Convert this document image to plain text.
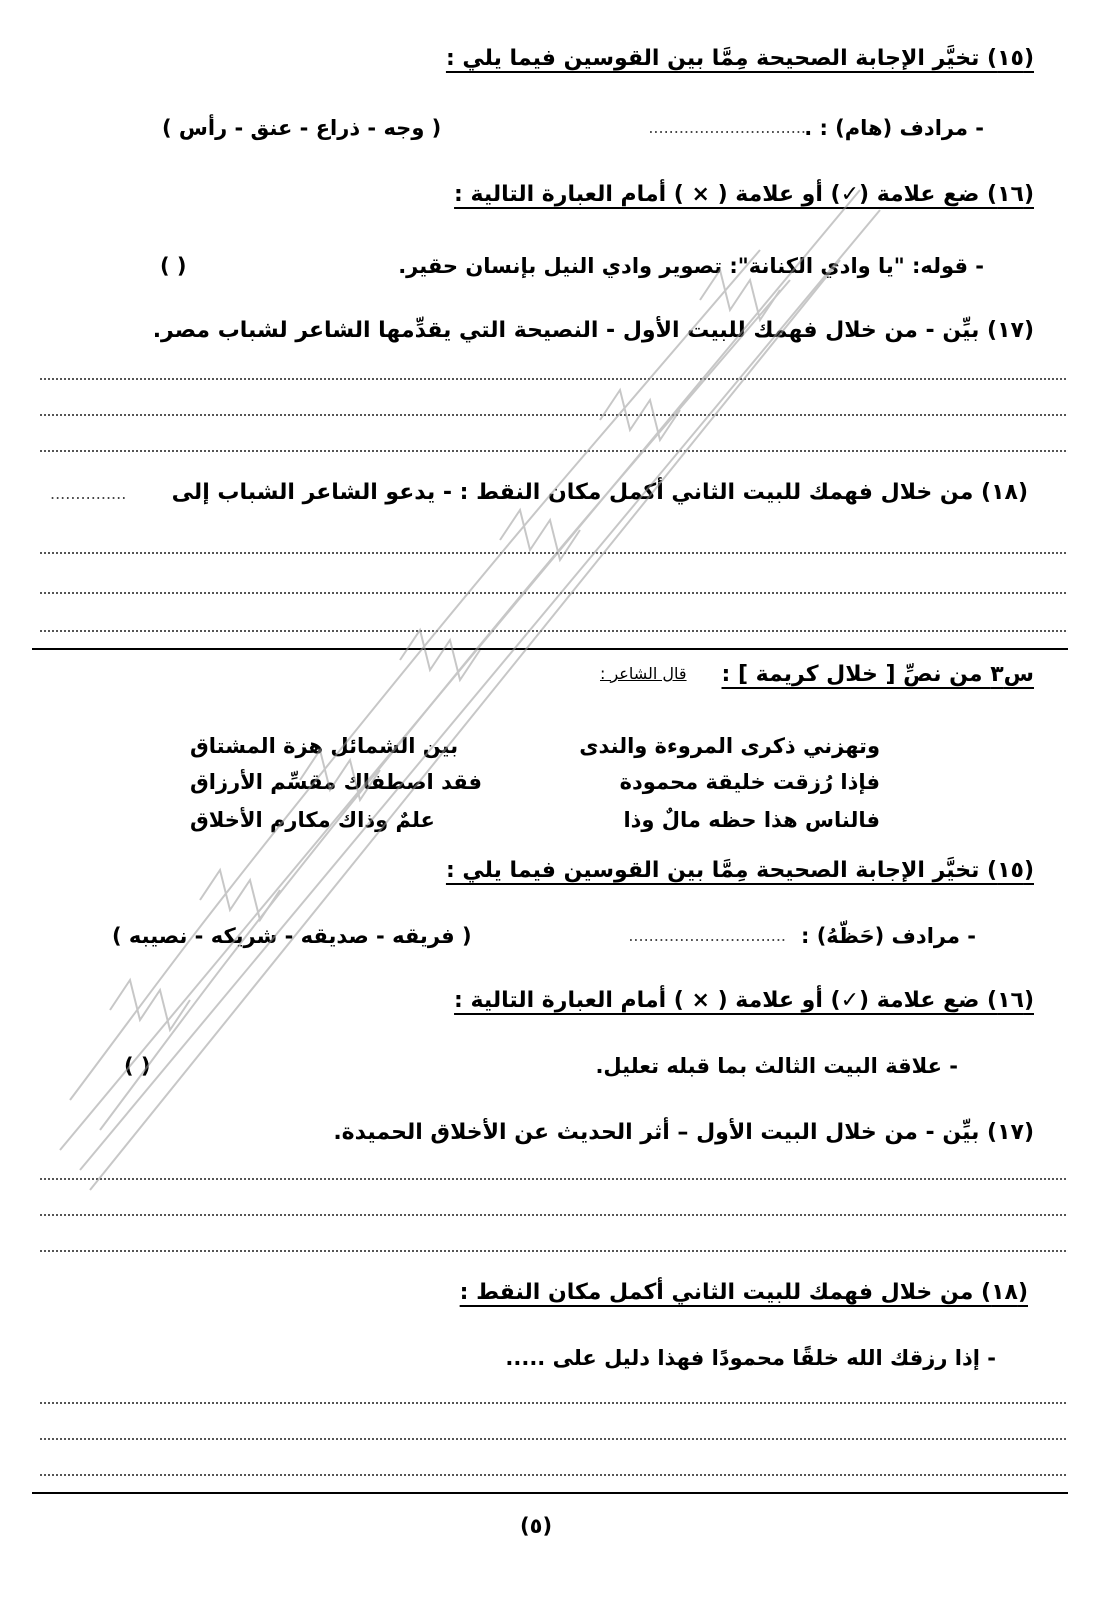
(١٥) تخيَّر الإجابة الصحيحة مِمَّا بين القوسين فيما يلي :
- مرادف (هام) : .
...............................
( وجه - ذراع - عنق - رأس )
(١٦) ضع علامة (✓) أو علامة ( × ) أمام العبارة التالية :
- قوله: "يا وادي الكنانة": تصوير وادي النيل بإنسان حقير.
( )
(١٧) بيِّن - من خلال فهمك للبيت الأول - النصيحة التي يقدِّمها الشاعر لشباب مصر.
(١٨) من خلال فهمك للبيت الثاني أكمل مكان النقط : - يدعو الشاعر الشباب إلى
...............
س٣ من نصِّ [ خلال كريمة ] :
قال الشاعر :
وتهزني ذكرى المروءة والندى
بين الشمائل هزة المشتاق
فإذا رُزقت خليقة محمودة
فقد اصطفاك مقسِّم الأرزاق
فالناس هذا حظه مالٌ وذا
علمٌ وذاك مكارم الأخلاق
(١٥) تخيَّر الإجابة الصحيحة مِمَّا بين القوسين فيما يلي :
- مرادف (حَظّهُ) :
...............................
( فريقه - صديقه - شريكه - نصيبه )
(١٦) ضع علامة (✓) أو علامة ( × ) أمام العبارة التالية :
- علاقة البيت الثالث بما قبله تعليل.
( )
(١٧) بيِّن - من خلال البيت الأول – أثر الحديث عن الأخلاق الحميدة.
(١٨) من خلال فهمك للبيت الثاني أكمل مكان النقط :
- إذا رزقك الله خلقًا محمودًا فهذا دليل على .....
(٥)
